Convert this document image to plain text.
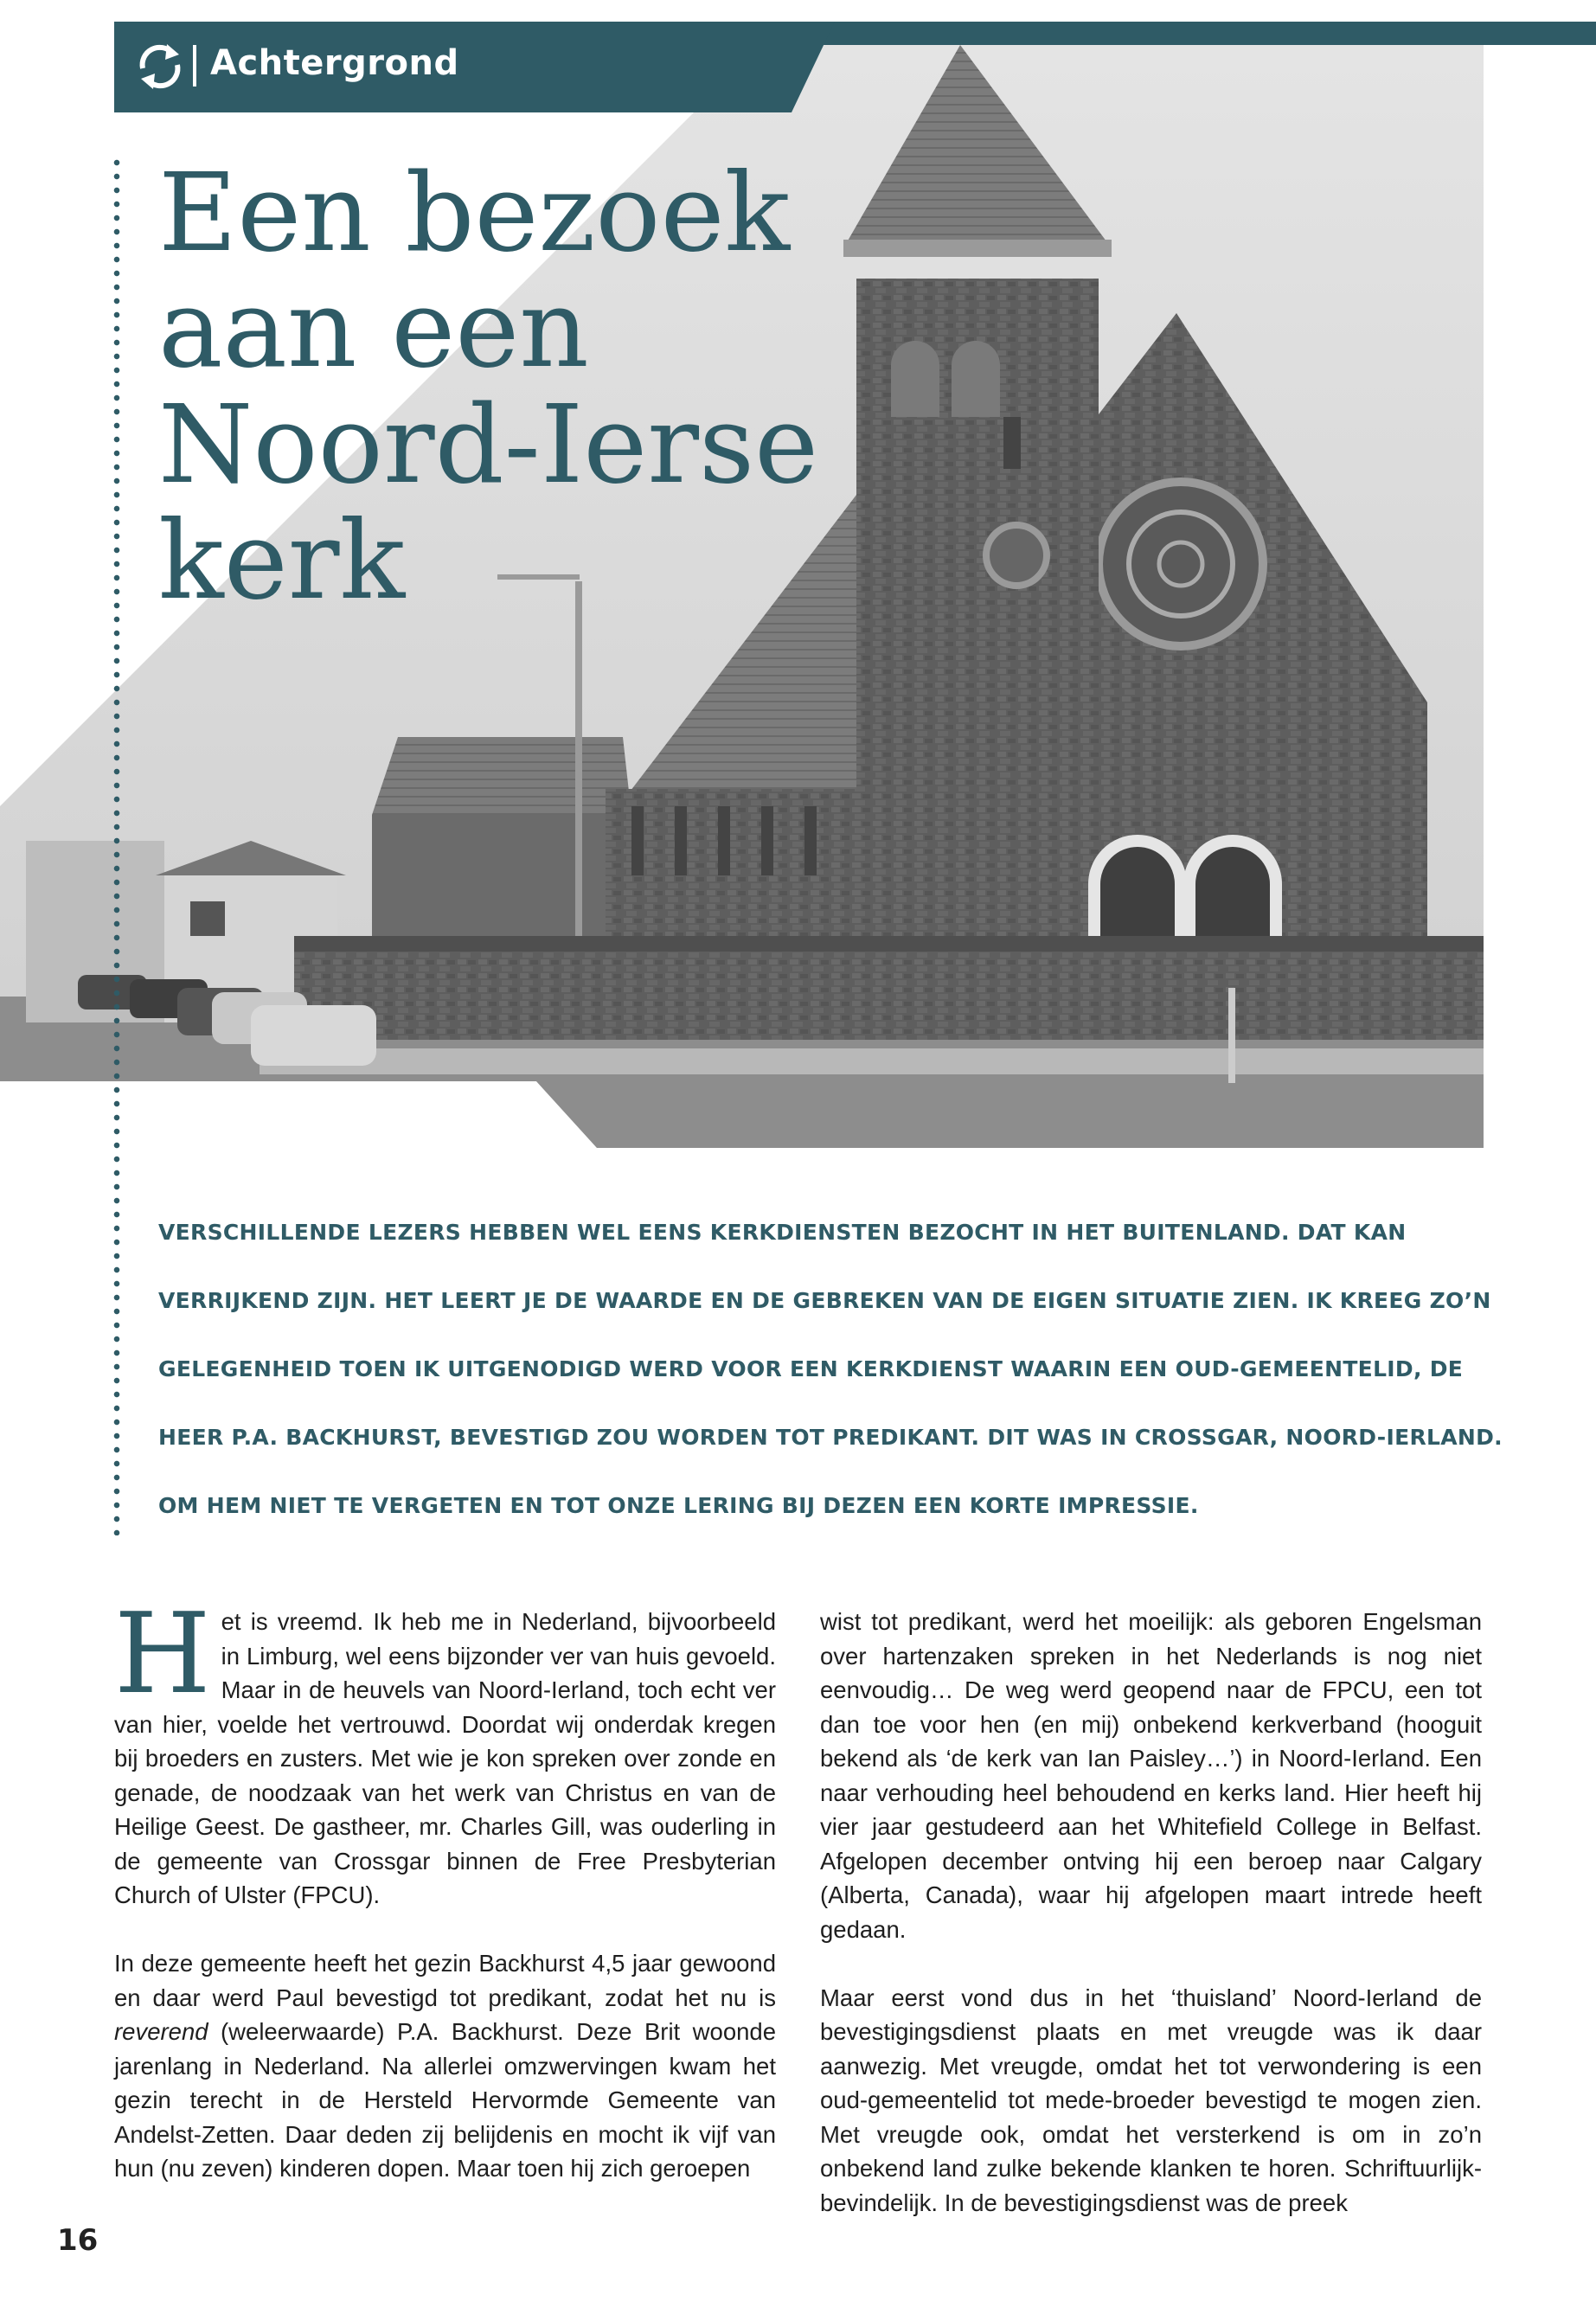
Achtergrond
Een bezoek
aan een
Noord-Ierse
kerk

VERSCHILLENDE LEZERS HEBBEN WEL EENS KERKDIENSTEN BEZOCHT IN HET BUITENLAND. DAT KAN

VERRIJKEND ZIJN. HET LEERT JE DE WAARDE EN DE GEBREKEN VAN DE EIGEN SITUATIE ZIEN. IK KREEG ZO’N

GELEGENHEID TOEN IK UITGENODIGD WERD VOOR EEN KERKDIENST WAARIN EEN OUD-GEMEENTELID, DE

HEER P.A. BACKHURST, BEVESTIGD ZOU WORDEN TOT PREDIKANT. DIT WAS IN CROSSGAR, NOORD-IERLAND.

OM HEM NIET TE VERGETEN EN TOT ONZE LERING BIJ DEZEN EEN KORTE IMPRESSIE.

Het is vreemd. Ik heb me in Nederland, bijvoorbeeld in Limburg, wel eens bijzonder ver van huis gevoeld. Maar in de heuvels van Noord-Ierland, toch echt ver van hier, voelde het vertrouwd. Doordat wij onderdak kregen bij broeders en zusters. Met wie je kon spreken over zonde en genade, de noodzaak van het werk van Christus en van de Heilige Geest. De gastheer, mr. Charles Gill, was ouderling in de gemeente van Crossgar binnen de Free Presbyterian Church of Ulster (FPCU).

In deze gemeente heeft het gezin Backhurst 4,5 jaar gewoond en daar werd Paul bevestigd tot predikant, zodat het nu is reverend (weleerwaarde) P.A. Backhurst. Deze Brit woonde jarenlang in Nederland. Na allerlei omzwervingen kwam het gezin terecht in de Hersteld Hervormde Gemeente van Andelst-Zetten. Daar deden zij belijdenis en mocht ik vijf van hun (nu zeven) kinderen dopen. Maar toen hij zich geroepen

wist tot predikant, werd het moeilijk: als geboren Engelsman over hartenzaken spreken in het Nederlands is nog niet eenvoudig… De weg werd geopend naar de FPCU, een tot dan toe voor hen (en mij) onbekend kerkverband (hooguit bekend als ‘de kerk van Ian Paisley…’) in Noord-Ierland. Een naar verhouding heel behoudend en kerks land. Hier heeft hij vier jaar gestudeerd aan het Whitefield College in Belfast. Afgelopen december ontving hij een beroep naar Calgary (Alberta, Canada), waar hij afgelopen maart intrede heeft gedaan.

Maar eerst vond dus in het ‘thuisland’ Noord-Ierland de bevestigingsdienst plaats en met vreugde was ik daar aanwezig. Met vreugde, omdat het tot verwondering is een oud-gemeentelid tot mede-broeder bevestigd te mogen zien. Met vreugde ook, omdat het versterkend is om in zo’n onbekend land zulke bekende klanken te horen. Schriftuurlijk-bevindelijk. In de bevestigingsdienst was de preek

16
